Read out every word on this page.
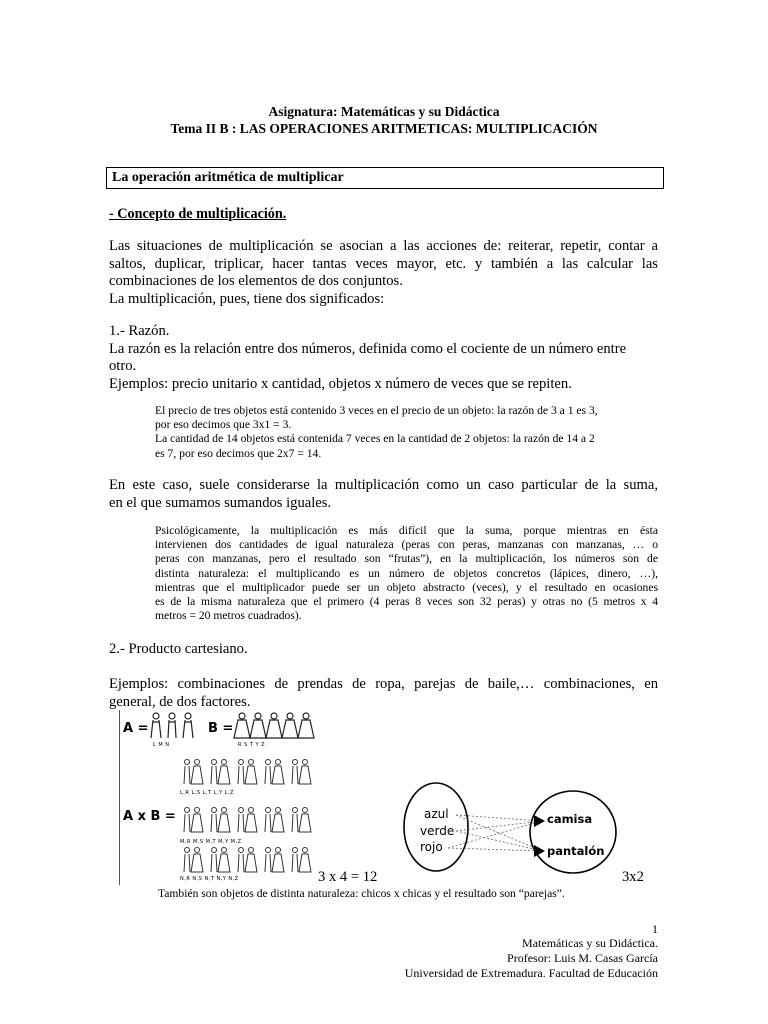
Asignatura: Matemáticas y su Didáctica
Tema II B : LAS OPERACIONES ARITMETICAS: MULTIPLICACIÓN
La operación aritmética de multiplicar
- Concepto de multiplicación.
Las situaciones de multiplicación se asocian a las acciones de: reiterar, repetir, contar a
saltos, duplicar, triplicar, hacer tantas veces mayor, etc. y también a las calcular las
combinaciones de los elementos de dos conjuntos.
La multiplicación, pues, tiene dos significados:
1.- Razón.
La razón es la relación entre dos números, definida como el cociente de un número entre
otro.
Ejemplos: precio unitario x cantidad, objetos x número de veces que se repiten.
El precio de tres objetos está contenido 3 veces en el precio de un objeto: la razón de 3 a 1 es 3,
por eso decimos que 3x1 = 3.
La cantidad de 14 objetos está contenida 7 veces en la cantidad de 2 objetos: la razón de 14 a 2
es 7, por eso decimos que 2x7 = 14.
En este caso, suele considerarse la multiplicación como un caso particular de la suma,
en el que sumamos sumandos iguales.
Psicológicamente, la multiplicación es más difícil que la suma, porque mientras en ésta
intervienen dos cantidades de igual naturaleza (peras con peras, manzanas con manzanas, … o
peras con manzanas, pero el resultado son “frutas”), en la multiplicación, los números son de
distinta naturaleza: el multiplicando es un número de objetos concretos (lápices, dinero, …),
mientras que el multiplicador puede ser un objeto abstracto (veces), y el resultado en ocasiones
es de la misma naturaleza que el primero (4 peras 8 veces son 32 peras) y otras no (5 metros x 4
metros = 20 metros cuadrados).
2.- Producto cartesiano.
Ejemplos: combinaciones de prendas de ropa, parejas de baile,… combinaciones, en
general, de dos factores.
A =	B =
A x B =
L M N	R S T Y Z
L,R L,S L,T L,Y L,Z
M,R M,S M,T M,Y M,Z
N,R N,S N,T N,Y N,Z	3 x 4 = 12	3x2
azul
verde
rojo
camisa
pantalón
También son objetos de distinta naturaleza: chicos x chicas y el resultado son “parejas”.
1
Matemáticas y su Didáctica.
Profesor: Luis M. Casas García
Universidad de Extremadura. Facultad de Educación
